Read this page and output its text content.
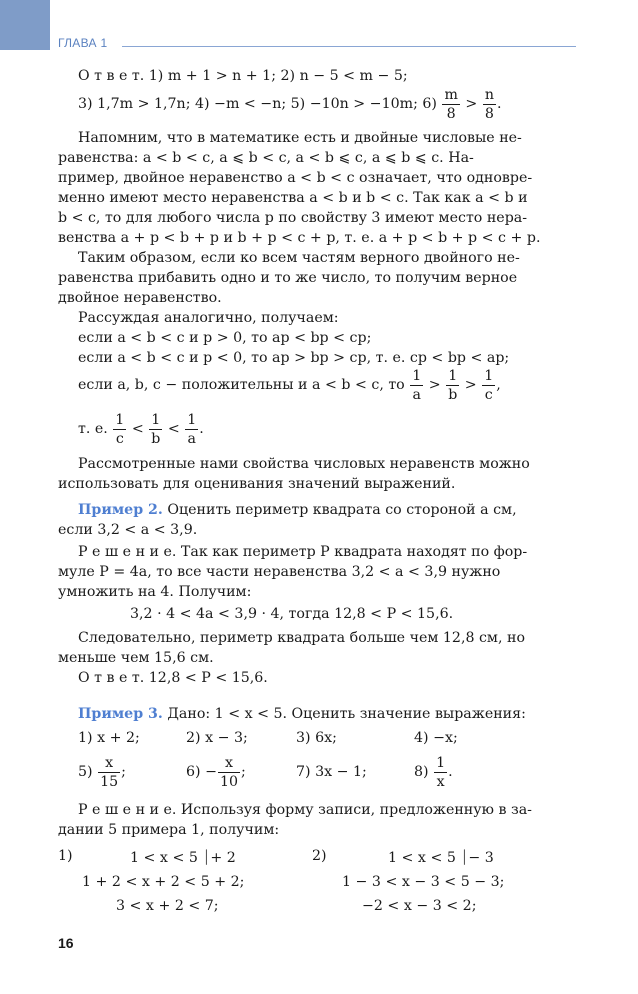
ГЛАВА 1
О т в е т. 1) m + 1 > n + 1; 2) n − 5 < m − 5;
3) 1,7m > 1,7n; 4) −m < −n; 5) −10n > −10m; $6) \frac{m}{8} > \frac{n}{8}$ .
Напомним, что в математике есть и двойные числовые не-
равенства: a < b < c, a ⩽ b < c, a < b ⩽ c, a ⩽ b ⩽ c. На-
пример, двойное неравенство a < b < c означает, что одновре-
менно имеют место неравенства a < b и b < c. Так как a < b и
b < c, то для любого числа p по свойству 3 имеют место нера-
венства a + p < b + p и b + p < c + p, т. е. a + p < b + p < c + p.
Таким образом, если ко всем частям верного двойного не-
равенства прибавить одно и то же число, то получим верное
двойное неравенство.
Рассуждая аналогично, получаем:
если a < b < c и p > 0, то ap < bp < cp;
если a < b < c и p < 0, то ap > bp > cp, т. е. cp < bp < ap;
если a, b, c − положительны и a < b < c, то $\frac{1}{a} > \frac{1}{b} > \frac{1}{c}$ ,
т. е. $\frac{1}{c} < \frac{1}{b} < \frac{1}{a}$ .
Рассмотренные нами свойства числовых неравенств можно
использовать для оценивания значений выражений.
Пример 2. Оценить периметр квадрата со стороной a см,
если 3,2 < a < 3,9.
Р е ш е н и е. Так как периметр P квадрата находят по фор-
муле P = 4a, то все части неравенства 3,2 < a < 3,9 нужно
умножить на 4. Получим:
3,2 · 4 < 4a < 3,9 · 4, тогда 12,8 < P < 15,6.
Следовательно, периметр квадрата больше чем 12,8 см, но
меньше чем 15,6 см.
О т в е т. 12,8 < P < 15,6.
Пример 3. Дано: 1 < x < 5. Оценить значение выражения:
1) x + 2;	2) x − 3;	3) 6x;	4) −x;
$5) \frac{x}{15}$ ;	$6) - \frac{x}{10}$ ;	7) 3x − 1;	$8) \frac{1}{x}$ .
Р е ш е н и е. Используя форму записи, предложенную в за-
дании 5 примера 1, получим:
1)	1 < x < 5 ⏐+ 2
1 + 2 < x + 2 < 5 + 2;
3 < x + 2 < 7;
2)	1 < x < 5 ⏐− 3
1 − 3 < x − 3 < 5 − 3;
−2 < x − 3 < 2;
16
